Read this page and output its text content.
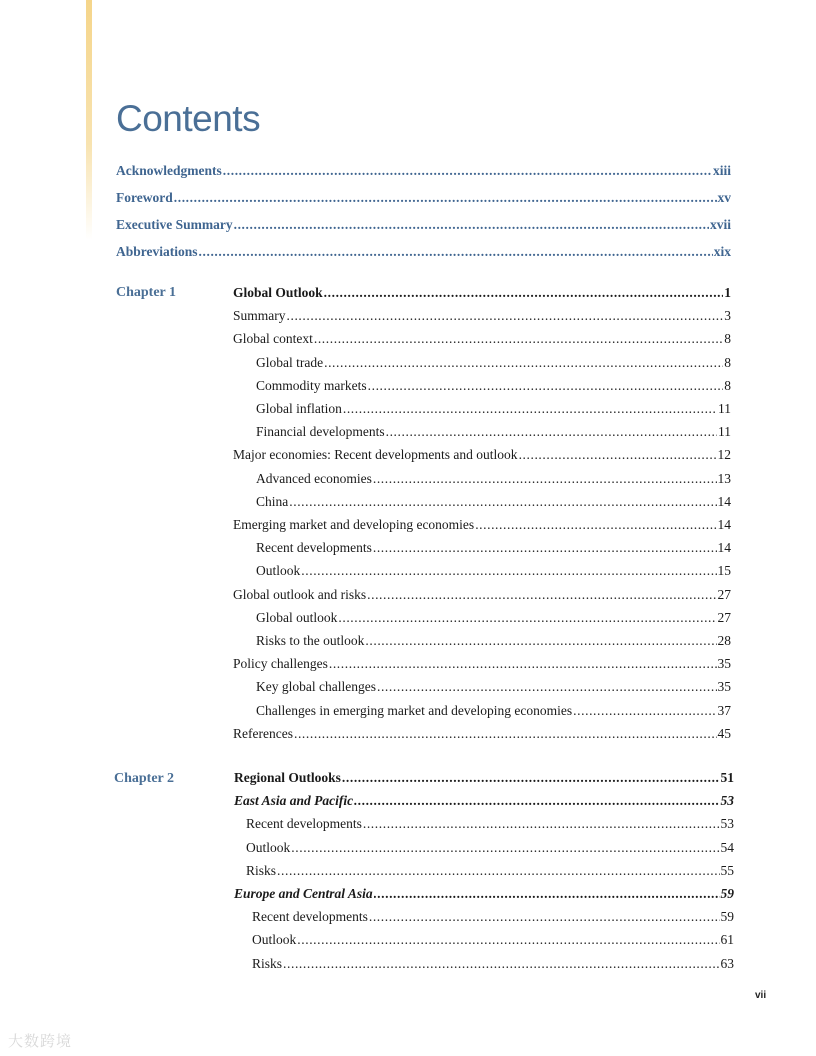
Contents
Acknowledgments .....	xiii
Foreword .....	xv
Executive Summary .....	xvii
Abbreviations .....	xix
Chapter 1	Global Outlook .....	1
Summary .....	3
Global context .....	8
Global trade .....	8
Commodity markets .....	8
Global inflation .....	11
Financial developments .....	11
Major economies: Recent developments and outlook .....	12
Advanced economies .....	13
China .....	14
Emerging market and developing economies .....	14
Recent developments .....	14
Outlook .....	15
Global outlook and risks .....	27
Global outlook .....	27
Risks to the outlook .....	28
Policy challenges .....	35
Key global challenges .....	35
Challenges in emerging market and developing economies .....	37
References .....	45
Chapter 2	Regional Outlooks .....	51
East Asia and Pacific .....	53
Recent developments .....	53
Outlook .....	54
Risks .....	55
Europe and Central Asia .....	59
Recent developments .....	59
Outlook .....	61
Risks .....	63
vii
大数跨境
